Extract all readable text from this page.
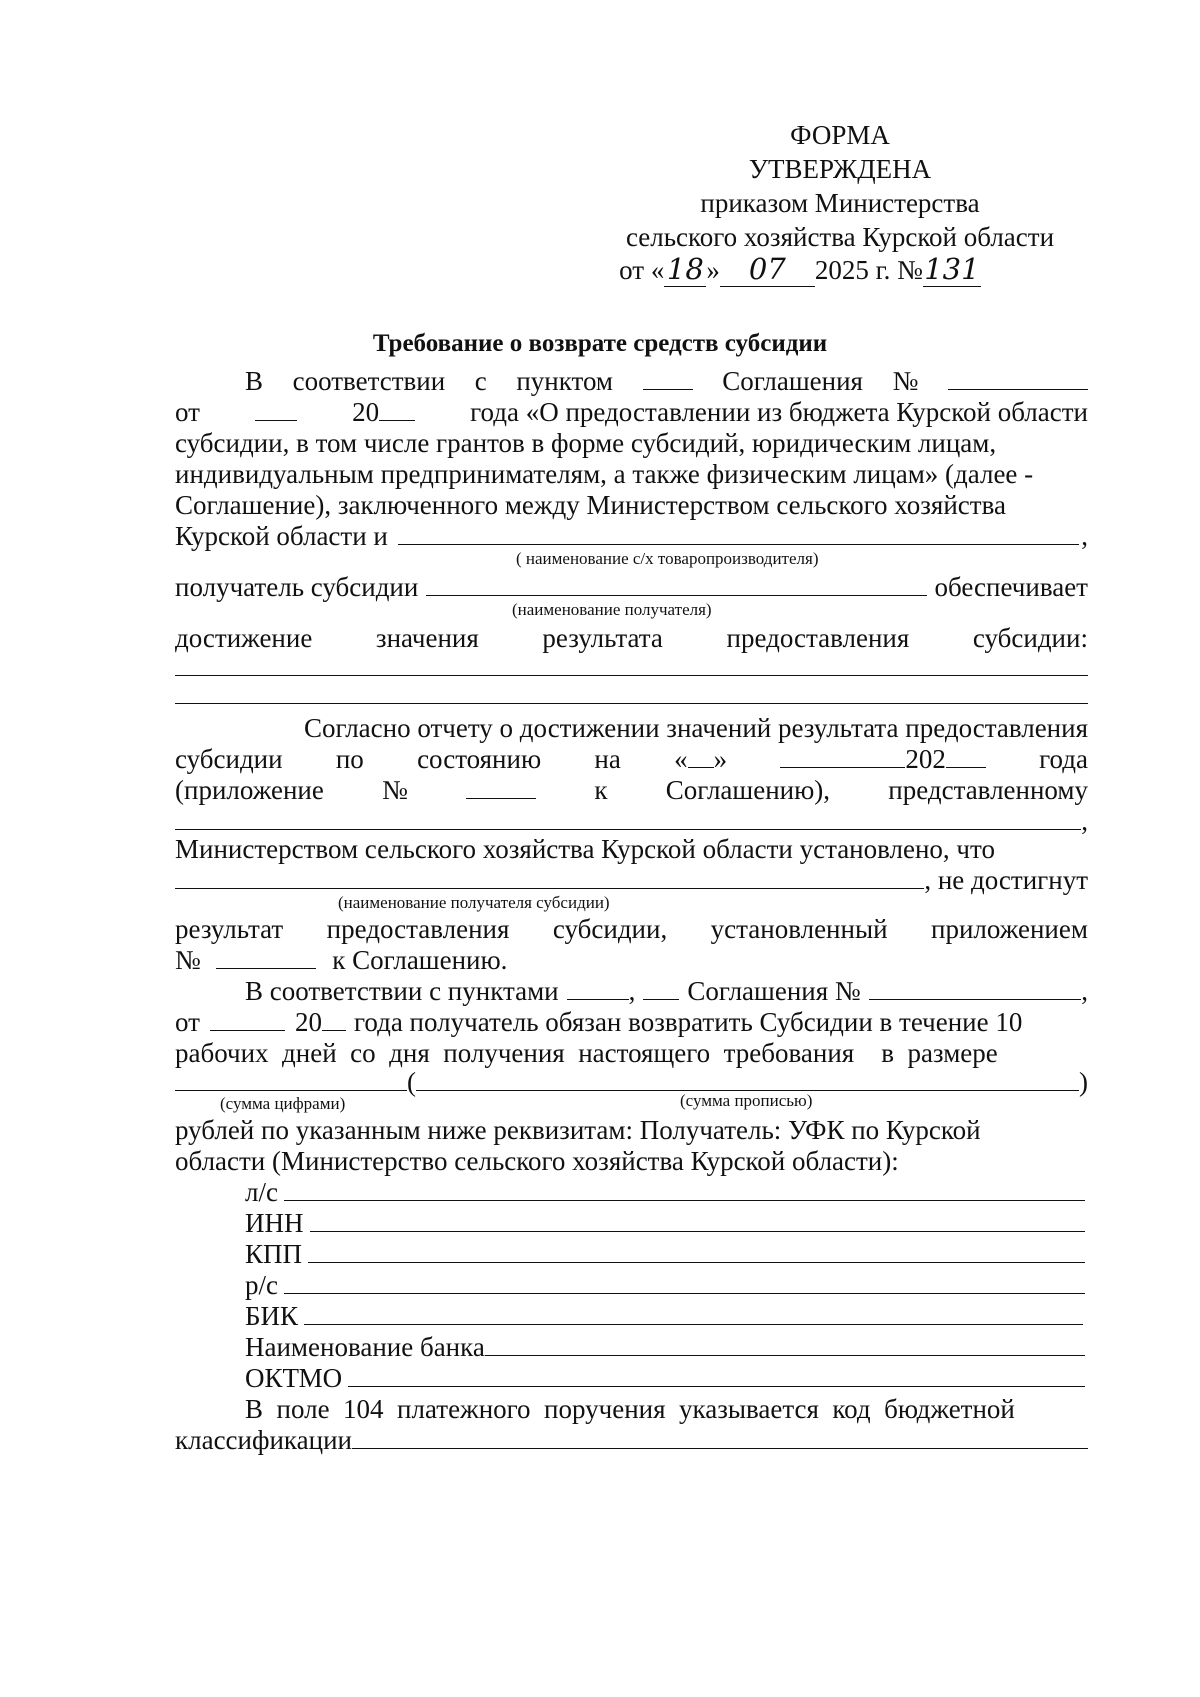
ФОРМА
УТВЕРЖДЕНА
приказом Министерства
сельского хозяйства Курской области
от «18» 07 2025 г. №131
Требование о возврате средств субсидии
В соответствии с пунктом	Соглашения №
от	20	года «О предоставлении из бюджета Курской области
субсидии, в том числе грантов в форме субсидий, юридическим лицам,
индивидуальным предпринимателям, а также физическим лицам» (далее -
Соглашение), заключенного между Министерством сельского хозяйства
Курской области и	,
( наименование с/х товаропроизводителя)
получатель субсидии	обеспечивает
(наименование получателя)
достижение значения результата предоставления субсидии:
Согласно отчету о достижении значений результата предоставления
субсидии по состоянию на « »	202	года
(приложение №	к Соглашению), представленному
,
Министерством сельского хозяйства Курской области установлено, что
, не достигнут
(наименование получателя субсидии)
результат предоставления субсидии, установленный приложением
№	к Соглашению.
В соответствии с пунктами	, Соглашения №	,
от	20 года получатель обязан возвратить Субсидии в течение 10
рабочих  дней  со  дня  получения  настоящего  требования    в  размере
(	)
(сумма цифрами)	(сумма прописью)
рублей по указанным ниже реквизитам: Получатель: УФК по Курской
области (Министерство сельского хозяйства Курской области):
л/с
ИНН
КПП
р/с
БИК
Наименование банка
ОКТМО
В  поле  104  платежного  поручения  указывается  код  бюджетной
классификации
